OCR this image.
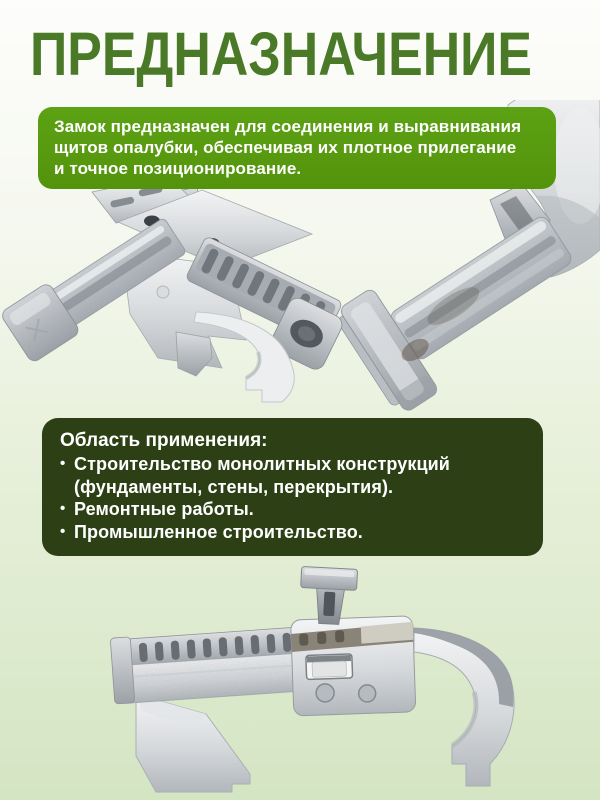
ПРЕДНАЗНАЧЕНИЕ
Замок предназначен для соединения и выравнивания
щитов опалубки, обеспечивая их плотное прилегание
и точное позиционирование.
Область применения:
• Строительство монолитных конструкций (фундаменты, стены, перекрытия).
• Ремонтные работы.
• Промышленное строительство.
